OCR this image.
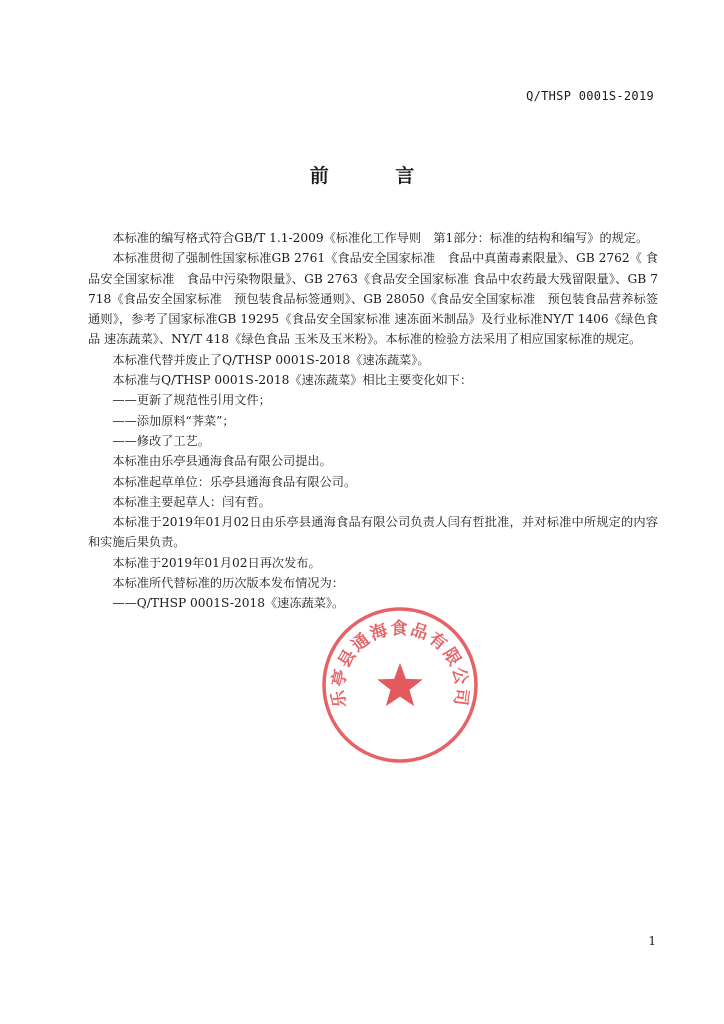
Q/THSP 0001S-2019
前 言

本标准的编写格式符合GB/T 1.1-2009《标准化工作导则　第1部分：标准的结构和编写》的规定。

本标准贯彻了强制性国家标准GB 2761《食品安全国家标准　食品中真菌毒素限量》、GB 2762《 食品安全国家标准　食品中污染物限量》、GB 2763《食品安全国家标准 食品中农药最大残留限量》、GB 7718《食品安全国家标准　预包装食品标签通则》、GB 28050《食品安全国家标准　预包装食品营养标签通则》，参考了国家标准GB 19295《食品安全国家标准 速冻面米制品》及行业标准NY/T 1406《绿色食品 速冻蔬菜》、NY/T 418《绿色食品 玉米及玉米粉》。本标准的检验方法采用了相应国家标准的规定。

本标准代替并废止了Q/THSP 0001S-2018《速冻蔬菜》。

本标准与Q/THSP 0001S-2018《速冻蔬菜》相比主要变化如下：

——更新了规范性引用文件；

——添加原料“荠菜”；

——修改了工艺。

本标准由乐亭县通海食品有限公司提出。

本标准起草单位：乐亭县通海食品有限公司。

本标准主要起草人：闫有哲。

本标准于2019年01月02日由乐亭县通海食品有限公司负责人闫有哲批准，并对标准中所规定的内容和实施后果负责。

本标准于2019年01月02日再次发布。

本标准所代替标准的历次版本发布情况为：

——Q/THSP 0001S-2018《速冻蔬菜》。

乐亭县通海食品有限公司
1
